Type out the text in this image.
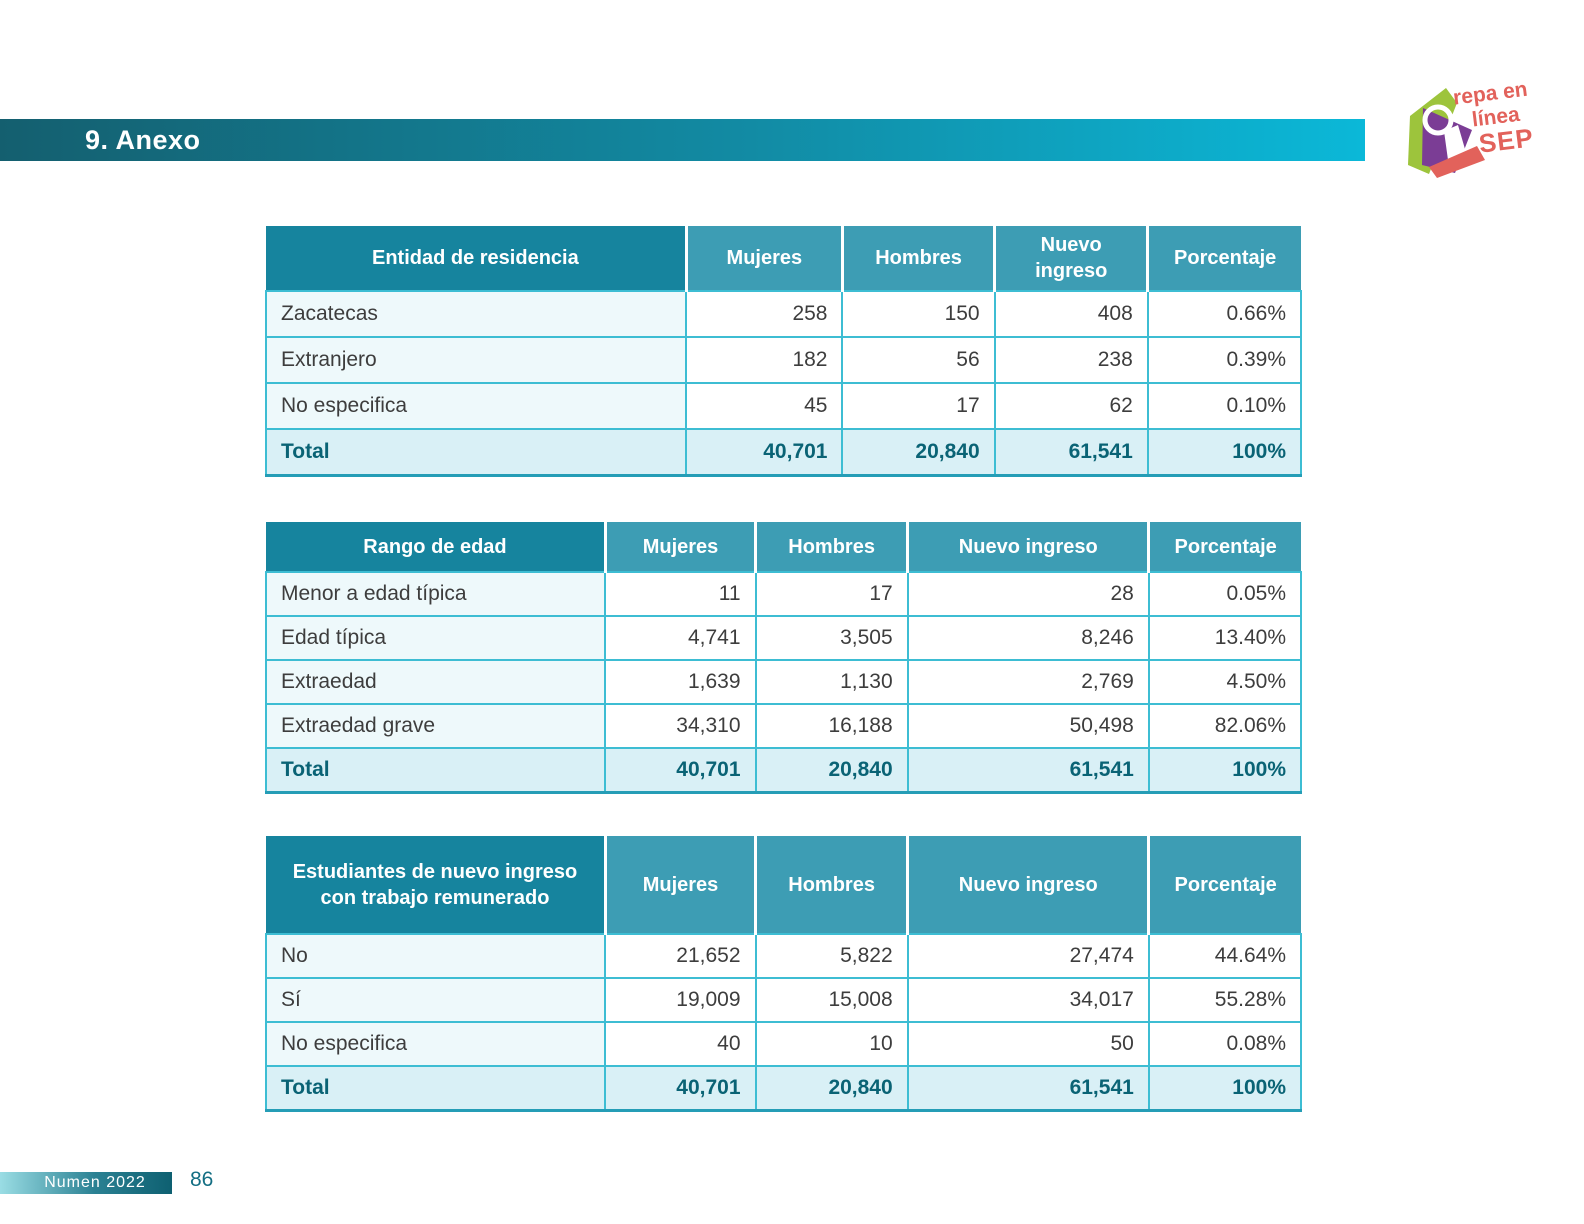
9. Anexo
repa en
línea
SEP
Entidad de residencia	Mujeres	Hombres	Nuevo ingreso	Porcentaje
Zacatecas	258	150	408	0.66%
Extranjero	182	56	238	0.39%
No especifica	45	17	62	0.10%
Total	40,701	20,840	61,541	100%
Rango de edad	Mujeres	Hombres	Nuevo ingreso	Porcentaje
Menor a edad típica	11	17	28	0.05%
Edad típica	4,741	3,505	8,246	13.40%
Extraedad	1,639	1,130	2,769	4.50%
Extraedad grave	34,310	16,188	50,498	82.06%
Total	40,701	20,840	61,541	100%
Estudiantes de nuevo ingreso con trabajo remunerado	Mujeres	Hombres	Nuevo ingreso	Porcentaje
No	21,652	5,822	27,474	44.64%
Sí	19,009	15,008	34,017	55.28%
No especifica	40	10	50	0.08%
Total	40,701	20,840	61,541	100%
Numen 2022 86
